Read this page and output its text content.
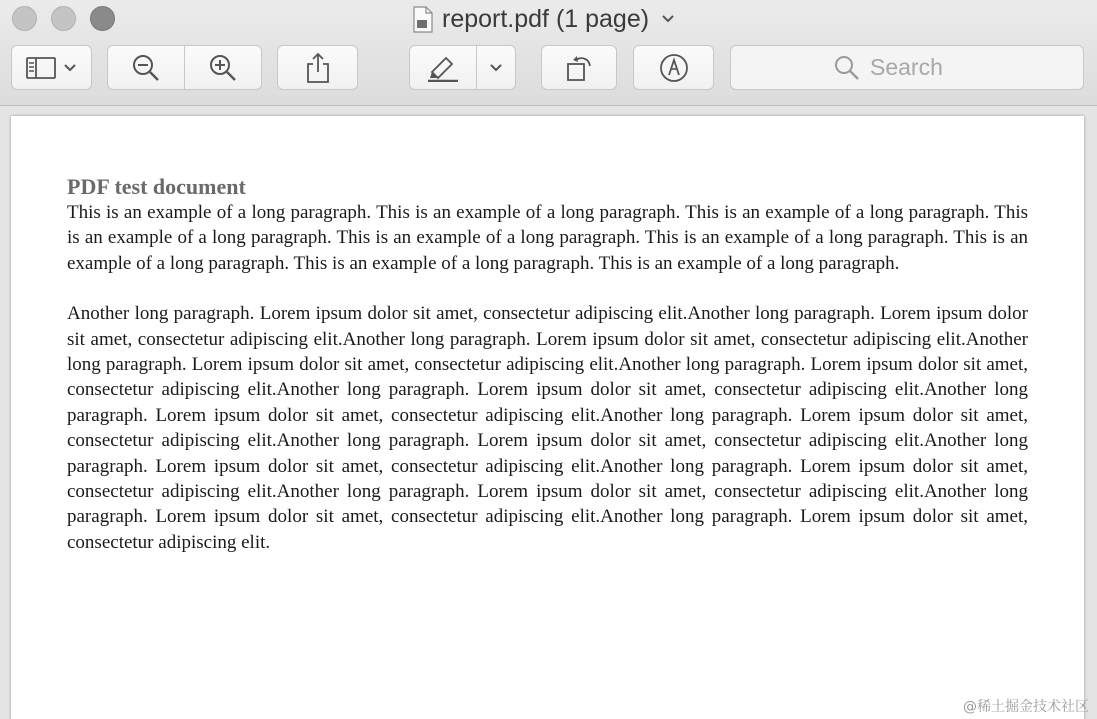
report.pdf (1 page)
Search
PDF test document

This is an example of a long paragraph. This is an example of a long paragraph. This is an example of a long paragraph. This is an example of a long paragraph. This is an example of a long paragraph. This is an example of a long paragraph. This is an example of a long paragraph. This is an example of a long paragraph. This is an example of a long paragraph.

Another long paragraph. Lorem ipsum dolor sit amet, consectetur adipiscing elit.Another long paragraph. Lorem ipsum dolor sit amet, consectetur adipiscing elit.Another long paragraph. Lorem ipsum dolor sit amet, consectetur adipiscing elit.Another long paragraph. Lorem ipsum dolor sit amet, consectetur adipiscing elit.Another long paragraph. Lorem ipsum dolor sit amet, consectetur adipiscing elit.Another long paragraph. Lorem ipsum dolor sit amet, consectetur adipiscing elit.Another long paragraph. Lorem ipsum dolor sit amet, consectetur adipiscing elit.Another long paragraph. Lorem ipsum dolor sit amet, consectetur adipiscing elit.Another long paragraph. Lorem ipsum dolor sit amet, consectetur adipiscing elit.Another long paragraph. Lorem ipsum dolor sit amet, consectetur adipiscing elit.Another long paragraph. Lorem ipsum dolor sit amet, consectetur adipiscing elit.Another long paragraph. Lorem ipsum dolor sit amet, consectetur adipiscing elit.Another long paragraph. Lorem ipsum dolor sit amet, consectetur adipiscing elit.Another long paragraph. Lorem ipsum dolor sit amet, consectetur adipiscing elit.

@稀土掘金技术社区
